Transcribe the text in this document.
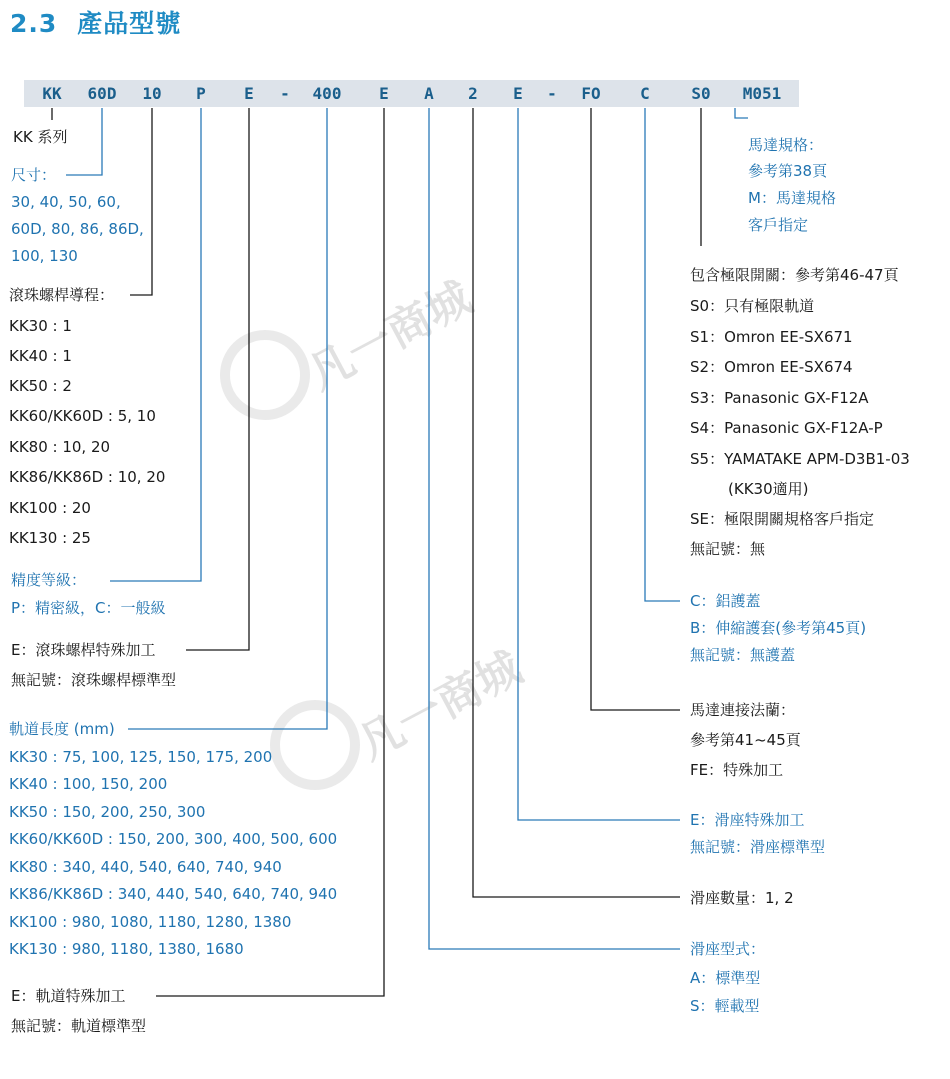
2.3 產品型號
凡一商城
凡一商城
KK 60D 10 P E - 400 E A 2 E - FO C	S0 M051
KK 系列
尺寸：
30, 40, 50, 60,
60D, 80, 86, 86D,
100, 130
滾珠螺桿導程：
KK30 : 1
KK40 : 1
KK50 : 2
KK60/KK60D : 5, 10
KK80 : 10, 20
KK86/KK86D : 10, 20
KK100 : 20
KK130 : 25
精度等級：
P：精密級，C：一般級
E：滾珠螺桿特殊加工
無記號：滾珠螺桿標準型
軌道長度 (mm)
KK30 : 75, 100, 125, 150, 175, 200
KK40 : 100, 150, 200
KK50 : 150, 200, 250, 300
KK60/KK60D : 150, 200, 300, 400, 500, 600
KK80 : 340, 440, 540, 640, 740, 940
KK86/KK86D : 340, 440, 540, 640, 740, 940
KK100 : 980, 1080, 1180, 1280, 1380
KK130 : 980, 1180, 1380, 1680
E：軌道特殊加工
無記號：軌道標準型
馬達規格：
參考第38頁
M：馬達規格
客戶指定
包含極限開關：參考第46-47頁
S0：只有極限軌道
S1：Omron EE-SX671
S2：Omron EE-SX674
S3：Panasonic GX-F12A
S4：Panasonic GX-F12A-P
S5：YAMATAKE APM-D3B1-03
(KK30適用)
SE：極限開關規格客戶指定
無記號：無
C：鋁護蓋
B：伸縮護套(參考第45頁)
無記號：無護蓋
馬達連接法蘭：
參考第41~45頁
FE：特殊加工
E：滑座特殊加工
無記號：滑座標準型
滑座數量：1, 2
滑座型式：
A：標準型
S：輕載型
